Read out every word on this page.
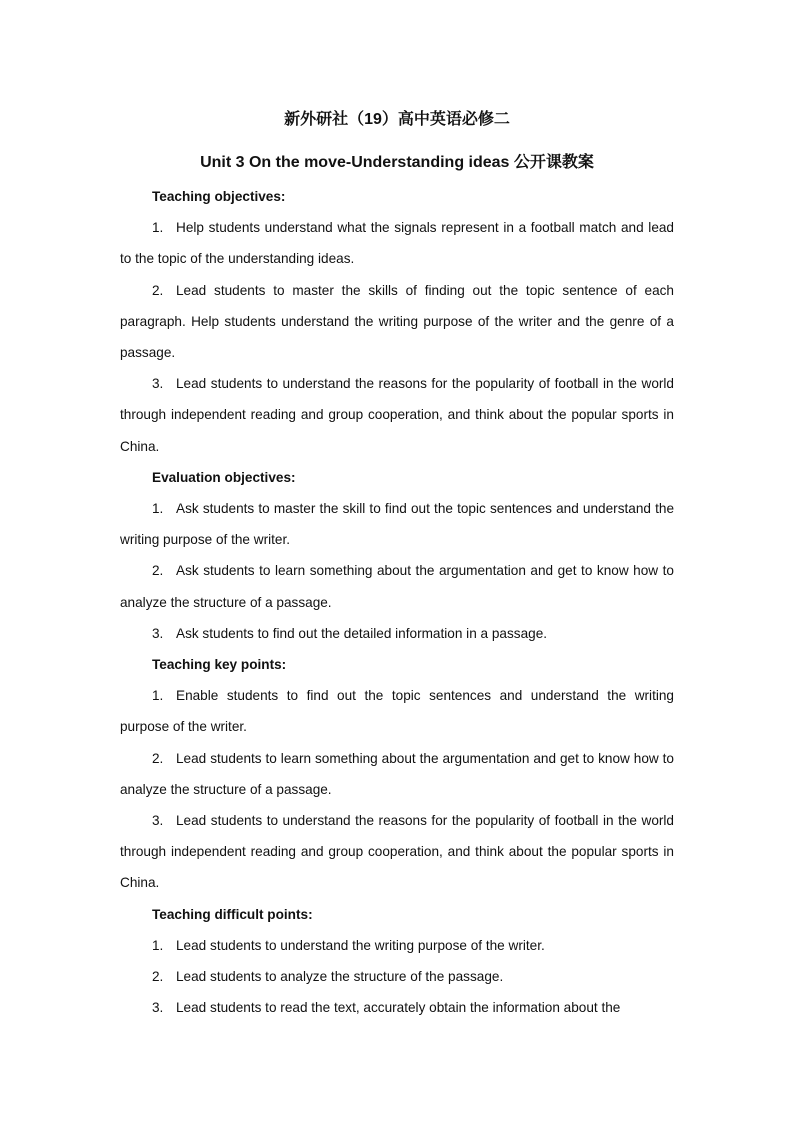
新外研社（19）高中英语必修二
Unit 3 On the move-Understanding ideas 公开课教案
Teaching objectives:

1. Help students understand what the signals represent in a football match and lead to the topic of the understanding ideas.

2. Lead students to master the skills of finding out the topic sentence of each paragraph. Help students understand the writing purpose of the writer and the genre of a passage.

3. Lead students to understand the reasons for the popularity of football in the world through independent reading and group cooperation, and think about the popular sports in China.

Evaluation objectives:

1. Ask students to master the skill to find out the topic sentences and understand the writing purpose of the writer.

2. Ask students to learn something about the argumentation and get to know how to analyze the structure of a passage.

3. Ask students to find out the detailed information in a passage.

Teaching key points:

1. Enable students to find out the topic sentences and understand the writing purpose of the writer.

2. Lead students to learn something about the argumentation and get to know how to analyze the structure of a passage.

3. Lead students to understand the reasons for the popularity of football in the world through independent reading and group cooperation, and think about the popular sports in China.

Teaching difficult points:

1. Lead students to understand the writing purpose of the writer.

2. Lead students to analyze the structure of the passage.

3. Lead students to read the text, accurately obtain the information about the
